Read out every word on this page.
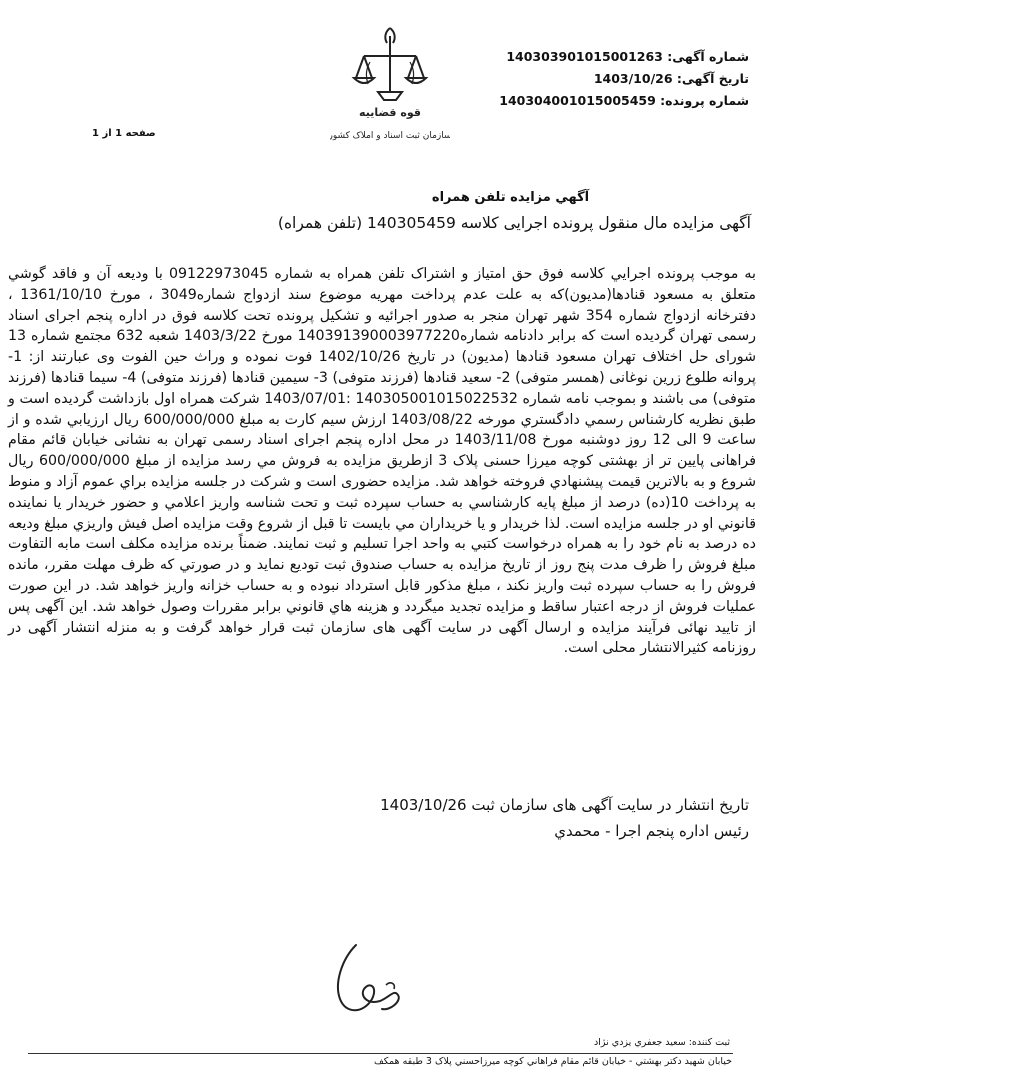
قوه قضاییه
سازمان ثبت اسناد و املاک کشور
شماره آگهی: 140303901015001263
تاریخ آگهی: 1403/10/26
شماره پرونده: 140304001015005459
صفحه 1 از 1
آگهي مزايده تلفن همراه
آگهی مزایده مال منقول پرونده اجرایی کلاسه 140305459 (تلفن همراه)

به موجب پرونده اجرايي كلاسه فوق حق امتياز و اشتراک تلفن همراه به شماره 09122973045 با وديعه آن و فاقد گوشي متعلق به مسعود قنادها(مدیون)كه به علت عدم پرداخت مهریه موضوع سند ازدواج شماره3049 ، مورخ 1361/10/10 ، دفترخانه ازدواج شماره 354 شهر تهران منجر به صدور اجرائيه و تشكيل پرونده تحت كلاسه فوق در اداره پنجم اجرای اسناد رسمی تهران گرديده است كه برابر دادنامه شماره140391390003977220 مورخ 1403/3/22 شعبه 632 مجتمع شماره 13 شورای حل اختلاف تهران مسعود قنادها (مدیون) در تاریخ 1402/10/26 فوت نموده و وراث حین الفوت وی عبارتند از: 1- پروانه طلوع زرین نوغانی (همسر متوفی) 2- سعید قنادها (فرزند متوفی) 3- سیمین قنادها (فرزند متوفی) 4- سیما قنادها (فرزند متوفی) می باشند و بموجب نامه شماره 140305001015022532 :1403/07/01 شرکت همراه اول بازداشت گرديده است و طبق نظريه كارشناس رسمي دادگستري مورخه 1403/08/22 ارزش سیم کارت به مبلغ 600/000/000 ريال ارزيابي شده و از ساعت 9 الی 12 روز دوشنبه مورخ 1403/11/08 در محل اداره پنجم اجرای اسناد رسمی تهران به نشانی خیابان قائم مقام فراهانی پایین تر از بهشتی کوچه میرزا حسنی پلاک 3 ازطريق مزايده به فروش مي رسد مزايده از مبلغ 600/000/000 ريال شروع و به بالاترين قيمت پيشنهادي فروخته خواهد شد. مزایده حضوری است و شركت در جلسه مزايده براي عموم آزاد و منوط به پرداخت 10(ده) درصد از مبلغ پايه كارشناسي به حساب سپرده ثبت و تحت شناسه واريز اعلامي و حضور خريدار يا نماينده قانوني او در جلسه مزايده است. لذا خریدار و یا خريداران مي بايست تا قبل از شروع وقت مزايده اصل فيش واريزي مبلغ وديعه ده درصد به نام خود را به همراه درخواست كتبي به واحد اجرا تسليم و ثبت نمايند. ضمناً برنده مزايده مكلف است مابه التفاوت مبلغ فروش را ظرف مدت پنج روز از تاريخ مزايده به حساب صندوق ثبت توديع نمايد و در صورتي كه ظرف مهلت مقرر، مانده فروش را به حساب سپرده ثبت واريز نكند ، مبلغ مذكور قابل استرداد نبوده و به حساب خزانه واريز خواهد شد. در اين صورت عمليات فروش از درجه اعتبار ساقط و مزايده تجديد ميگردد و هزينه هاي قانوني برابر مقررات وصول خواهد شد. این آگهی پس از تایید نهائی فرآیند مزایده و ارسال آگهی در سایت آگهی های سازمان ثبت قرار خواهد گرفت و به منزله انتشار آگهی در روزنامه کثیرالانتشار محلی است.

تاریخ انتشار در سایت آگهی های سازمان ثبت 1403/10/26
رئیس اداره پنجم اجرا - محمدي
ثبت کننده: سعيد جعفري يزدي نژاد
خيابان شهيد دکتر بهشتي - خيابان قائم مقام فراهاني کوچه ميرزاحسني پلاک 3 طبقه همکف
